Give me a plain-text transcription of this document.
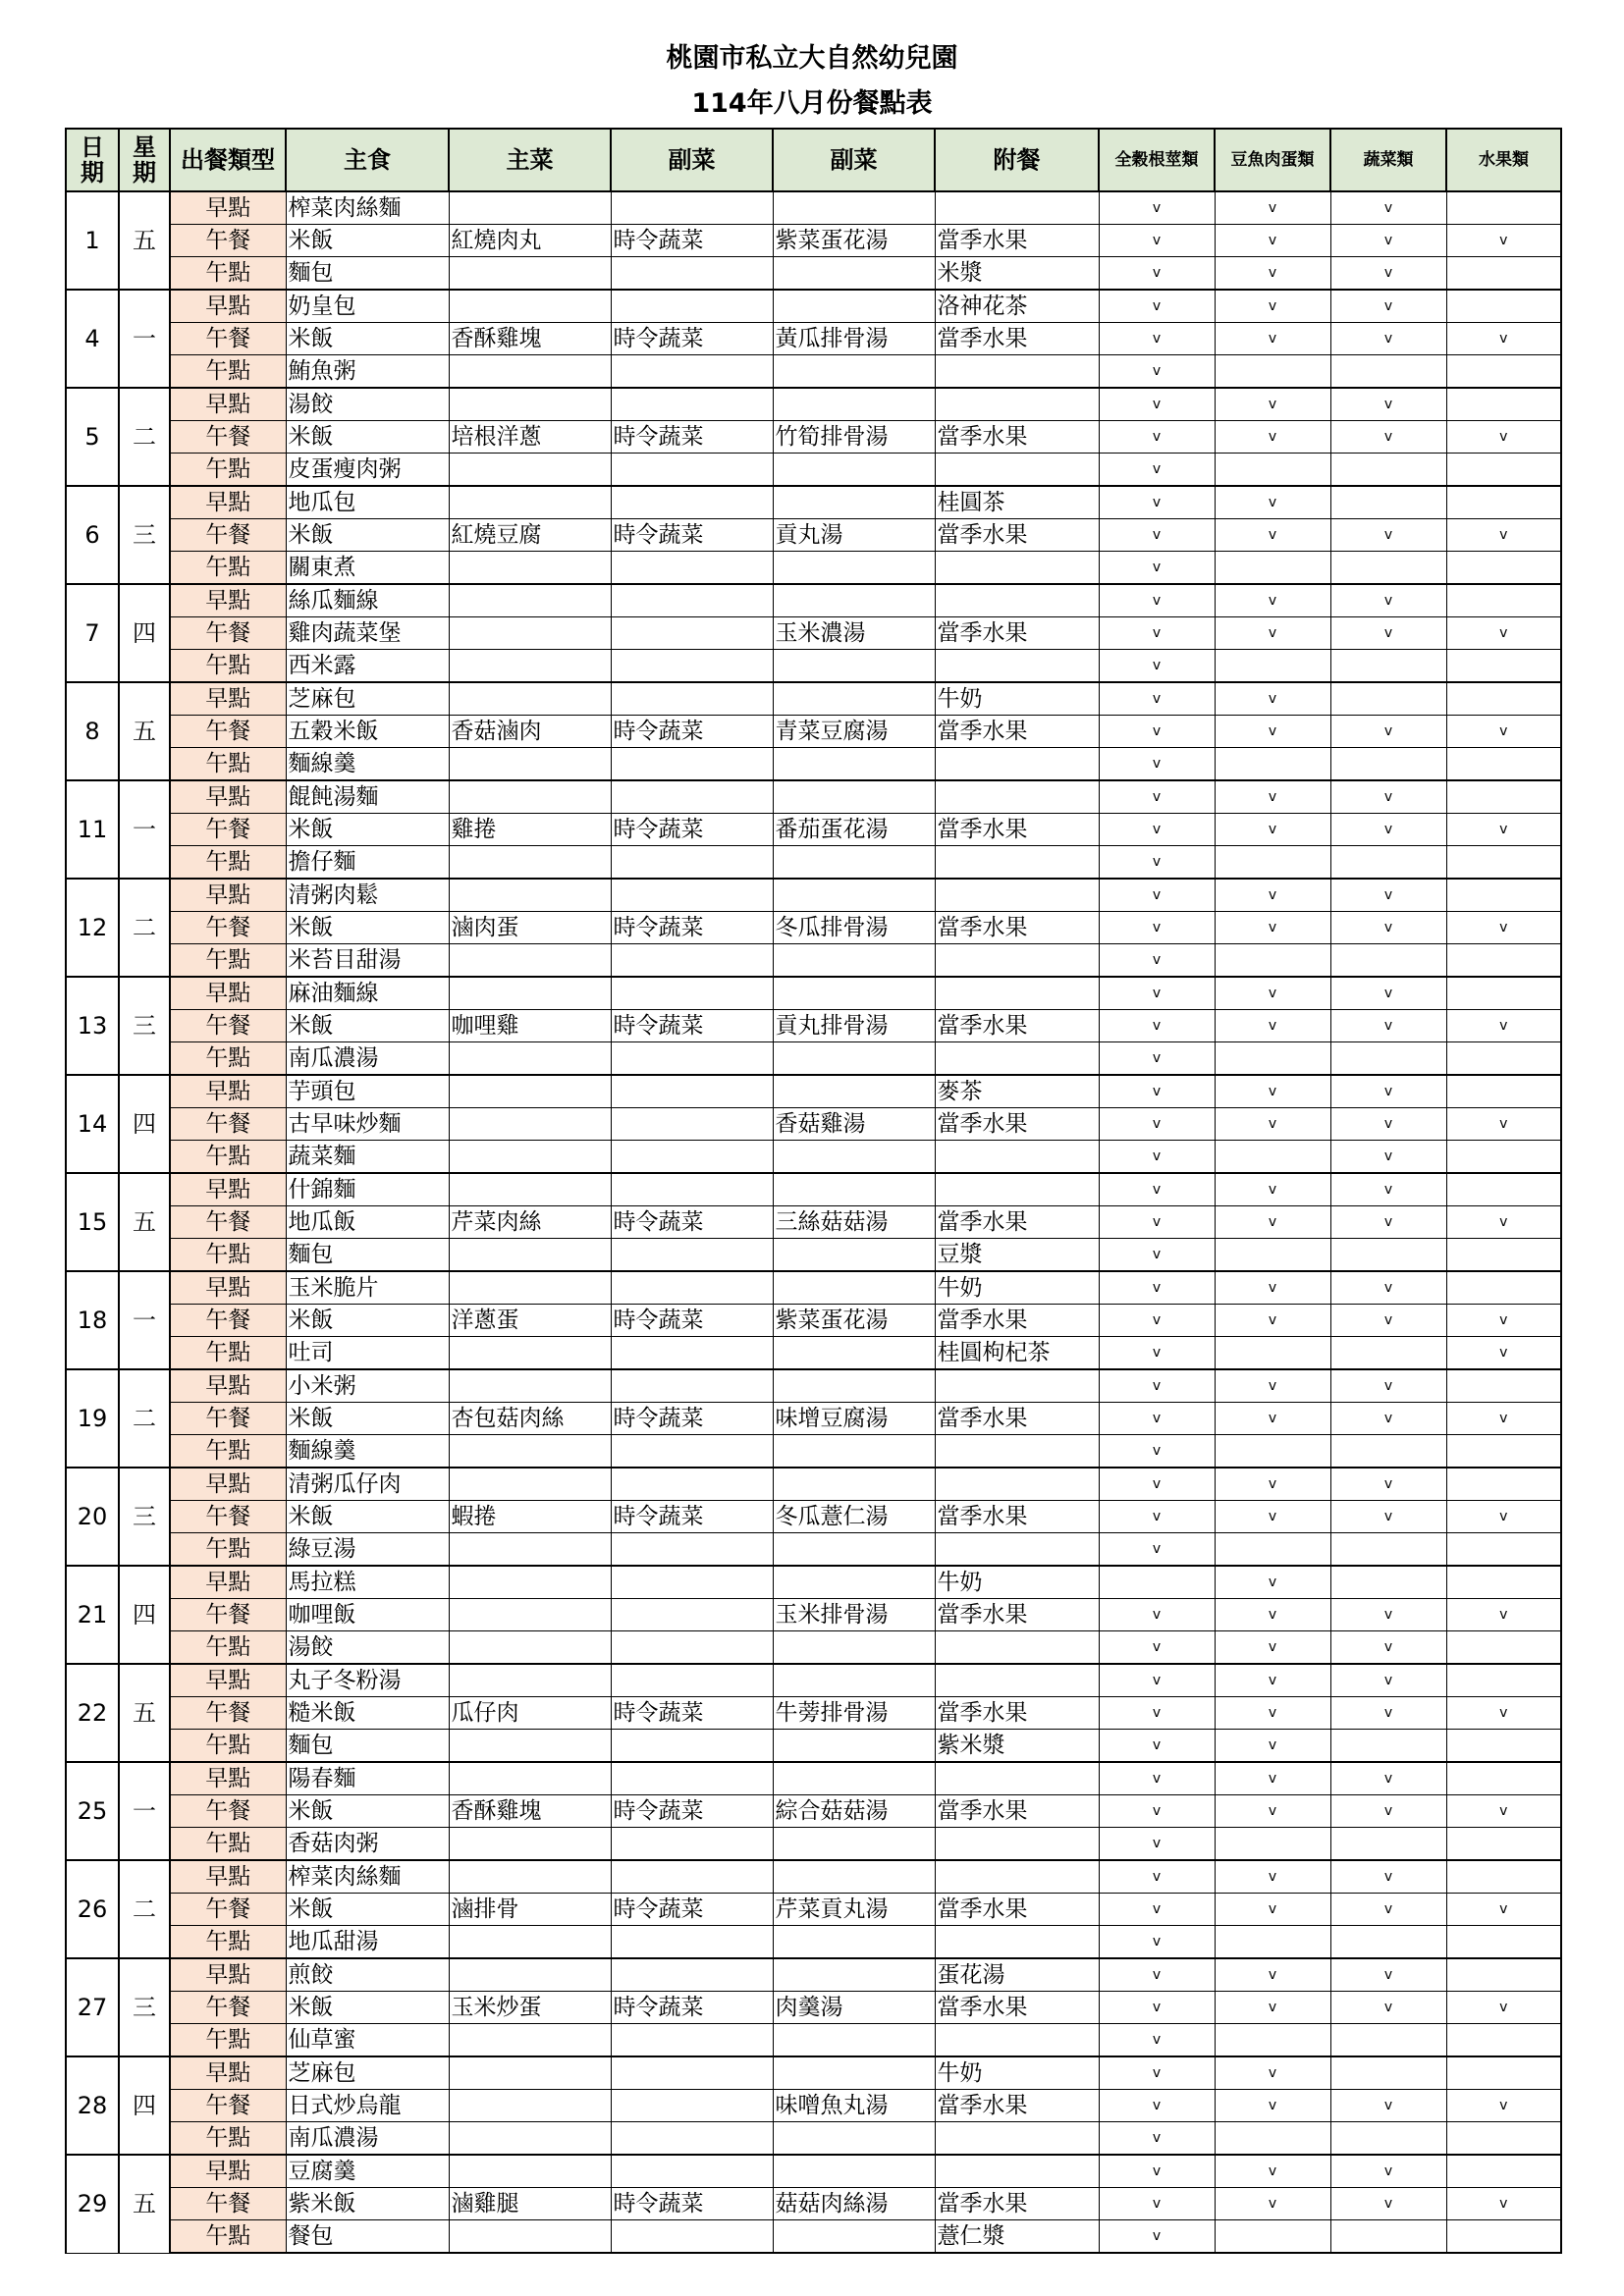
桃園市私立大自然幼兒園
114年八月份餐點表
日期	星期	出餐類型	主食	主菜	副菜	副菜	附餐	全穀根莖類	豆魚肉蛋類	蔬菜類	水果類
1	五	早點	榨菜肉絲麵					v	v	v	
		午餐	米飯	紅燒肉丸	時令蔬菜	紫菜蛋花湯	當季水果	v	v	v	v
		午點	麵包				米漿	v	v	v	
4	一	早點	奶皇包				洛神花茶	v	v	v	
		午餐	米飯	香酥雞塊	時令蔬菜	黃瓜排骨湯	當季水果	v	v	v	v
		午點	鮪魚粥					v			
5	二	早點	湯餃					v	v	v	
		午餐	米飯	培根洋蔥	時令蔬菜	竹筍排骨湯	當季水果	v	v	v	v
		午點	皮蛋瘦肉粥					v			
6	三	早點	地瓜包				桂圓茶	v	v		
		午餐	米飯	紅燒豆腐	時令蔬菜	貢丸湯	當季水果	v	v	v	v
		午點	關東煮					v			
7	四	早點	絲瓜麵線					v	v	v	
		午餐	雞肉蔬菜堡			玉米濃湯	當季水果	v	v	v	v
		午點	西米露					v			
8	五	早點	芝麻包				牛奶	v	v		
		午餐	五穀米飯	香菇滷肉	時令蔬菜	青菜豆腐湯	當季水果	v	v	v	v
		午點	麵線羹					v			
11	一	早點	餛飩湯麵					v	v	v	
		午餐	米飯	雞捲	時令蔬菜	番茄蛋花湯	當季水果	v	v	v	v
		午點	擔仔麵					v			
12	二	早點	清粥肉鬆					v	v	v	
		午餐	米飯	滷肉蛋	時令蔬菜	冬瓜排骨湯	當季水果	v	v	v	v
		午點	米苔目甜湯					v			
13	三	早點	麻油麵線					v	v	v	
		午餐	米飯	咖哩雞	時令蔬菜	貢丸排骨湯	當季水果	v	v	v	v
		午點	南瓜濃湯					v			
14	四	早點	芋頭包				麥茶	v	v	v	
		午餐	古早味炒麵			香菇雞湯	當季水果	v	v	v	v
		午點	蔬菜麵					v		v	
15	五	早點	什錦麵					v	v	v	
		午餐	地瓜飯	芹菜肉絲	時令蔬菜	三絲菇菇湯	當季水果	v	v	v	v
		午點	麵包				豆漿	v			
18	一	早點	玉米脆片				牛奶	v	v	v	
		午餐	米飯	洋蔥蛋	時令蔬菜	紫菜蛋花湯	當季水果	v	v	v	v
		午點	吐司				桂圓枸杞茶	v			v
19	二	早點	小米粥					v	v	v	
		午餐	米飯	杏包菇肉絲	時令蔬菜	味增豆腐湯	當季水果	v	v	v	v
		午點	麵線羹					v			
20	三	早點	清粥瓜仔肉					v	v	v	
		午餐	米飯	蝦捲	時令蔬菜	冬瓜薏仁湯	當季水果	v	v	v	v
		午點	綠豆湯					v			
21	四	早點	馬拉糕				牛奶		v		
		午餐	咖哩飯			玉米排骨湯	當季水果	v	v	v	v
		午點	湯餃					v	v	v	
22	五	早點	丸子冬粉湯					v	v	v	
		午餐	糙米飯	瓜仔肉	時令蔬菜	牛蒡排骨湯	當季水果	v	v	v	v
		午點	麵包				紫米漿	v	v		
25	一	早點	陽春麵					v	v	v	
		午餐	米飯	香酥雞塊	時令蔬菜	綜合菇菇湯	當季水果	v	v	v	v
		午點	香菇肉粥					v			
26	二	早點	榨菜肉絲麵					v	v	v	
		午餐	米飯	滷排骨	時令蔬菜	芹菜貢丸湯	當季水果	v	v	v	v
		午點	地瓜甜湯					v			
27	三	早點	煎餃				蛋花湯	v	v	v	
		午餐	米飯	玉米炒蛋	時令蔬菜	肉羹湯	當季水果	v	v	v	v
		午點	仙草蜜					v			
28	四	早點	芝麻包				牛奶	v	v		
		午餐	日式炒烏龍			味噌魚丸湯	當季水果	v	v	v	v
		午點	南瓜濃湯					v			
29	五	早點	豆腐羹					v	v	v	
		午餐	紫米飯	滷雞腿	時令蔬菜	菇菇肉絲湯	當季水果	v	v	v	v
		午點	餐包				薏仁漿	v			
